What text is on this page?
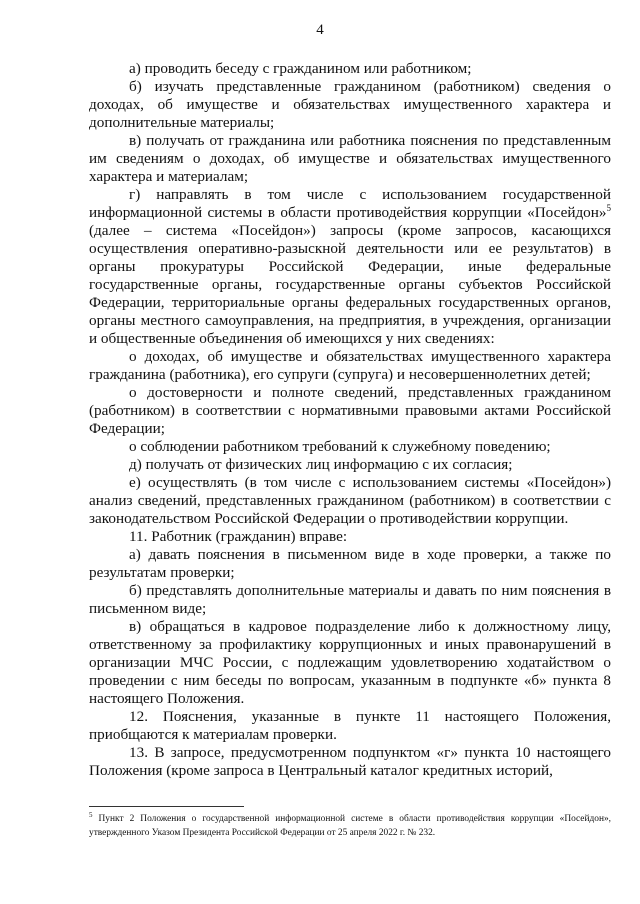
4

а) проводить беседу с гражданином или работником;

б) изучать представленные гражданином (работником) сведения о доходах, об имуществе и обязательствах имущественного характера и дополнительные материалы;

в) получать от гражданина или работника пояснения по представленным им сведениям о доходах, об имуществе и обязательствах имущественного характера и материалам;

г) направлять в том числе с использованием государственной информационной системы в области противодействия коррупции «Посейдон»$^5$ (далее – система «Посейдон») запросы (кроме запросов, касающихся осуществления оперативно-разыскной деятельности или ее результатов) в органы прокуратуры Российской Федерации, иные федеральные государственные органы, государственные органы субъектов Российской Федерации, территориальные органы федеральных государственных органов, органы местного самоуправления, на предприятия, в учреждения, организации и общественные объединения об имеющихся у них сведениях:

о доходах, об имуществе и обязательствах имущественного характера гражданина (работника), его супруги (супруга) и несовершеннолетних детей;

о достоверности и полноте сведений, представленных гражданином (работником) в соответствии с нормативными правовыми актами Российской Федерации;

о соблюдении работником требований к служебному поведению;

д) получать от физических лиц информацию с их согласия;

е) осуществлять (в том числе с использованием системы «Посейдон») анализ сведений, представленных гражданином (работником) в соответствии с законодательством Российской Федерации о противодействии коррупции.

11. Работник (гражданин) вправе:

а) давать пояснения в письменном виде в ходе проверки, а также по результатам проверки;

б) представлять дополнительные материалы и давать по ним пояснения в письменном виде;

в) обращаться в кадровое подразделение либо к должностному лицу, ответственному за профилактику коррупционных и иных правонарушений в организации МЧС России, с подлежащим удовлетворению ходатайством о проведении с ним беседы по вопросам, указанным в подпункте «б» пункта 8 настоящего Положения.

12. Пояснения, указанные в пункте 11 настоящего Положения, приобщаются к материалам проверки.

13. В запросе, предусмотренном подпунктом «г» пункта 10 настоящего Положения (кроме запроса в Центральный каталог кредитных историй,

$^5$ Пункт 2 Положения о государственной информационной системе в области противодействия коррупции «Посейдон», утвержденного Указом Президента Российской Федерации от 25 апреля 2022 г. № 232.
